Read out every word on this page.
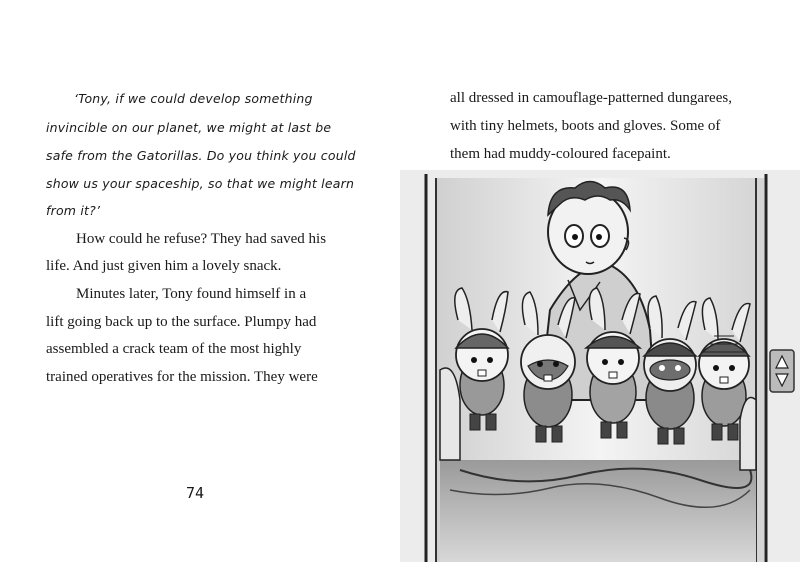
‘Tony, if we could develop something
invincible on our planet, we might at last be
safe from the Gatorillas. Do you think you could
show us your spaceship, so that we might learn
from it?’
How could he refuse? They had saved his
life. And just given him a lovely snack.
Minutes later, Tony found himself in a
lift going back up to the surface. Plumpy had
assembled a crack team of the most highly
trained operatives for the mission. They were
74
all dressed in camouflage-patterned dungarees,
with tiny helmets, boots and gloves. Some of
them had muddy-coloured facepaint.
